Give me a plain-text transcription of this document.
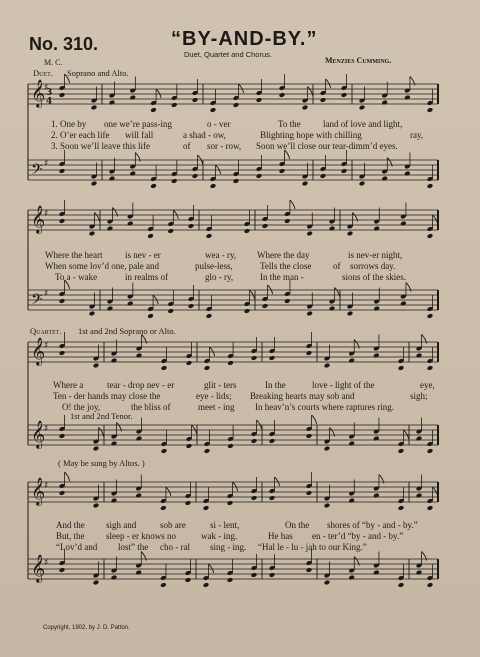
𝄞
♯
𝄢 ♯
𝄞
♯
𝄢 ♯
𝄞
♯
𝄞
♯
𝄞
♯
𝄞
♯
3
4
No. 310.	“BY-AND-BY.”
Duet, Quartet and Chorus.
M. C.	Menzies Cumming.
Duet. Soprano and Alto.
Quartet. 1st and 2nd Soprano or Alto.
1st and 2nd Tenor.
( May be sung by Altos. )
1. One by one we’re pass-ing	o - ver	To the land of love and light,
2. O’er each life will fall	a shad - ow,	Blighting hope with chilling	ray,
3. Soon we’ll leave this life	of sor - row, Soon we’ll close our tear-dimm’d eyes.
Where the heart	is nev - er	wea - ry, Where the day	is nev-er night,
When some lov’d one, pale and	pulse-less,	Tells the close of sorrows day.
To a - wake	in realms of	glo - ry,	In the man -	sions of the skies.
Where a	tear - drop nev - er	glit - ters	In the	love - light of the	eye,
Ten - der hands may close the	eye - lids; Breaking hearts may sob and	sigh;
O! the joy,	the bliss of	meet - ing In heav’n’s courts where raptures ring.
And the sigh and	sob are	si - lent,	On the shores of “by - and - by.”
But, the sleep - er knows no	wak - ing.	He has en - ter’d “by - and - by.”
“Lov’d and lost” the cho - ral sing - ing. “Hal le - lu - jah to our King.”
Copyright, 1902, by J. D. Patton.
